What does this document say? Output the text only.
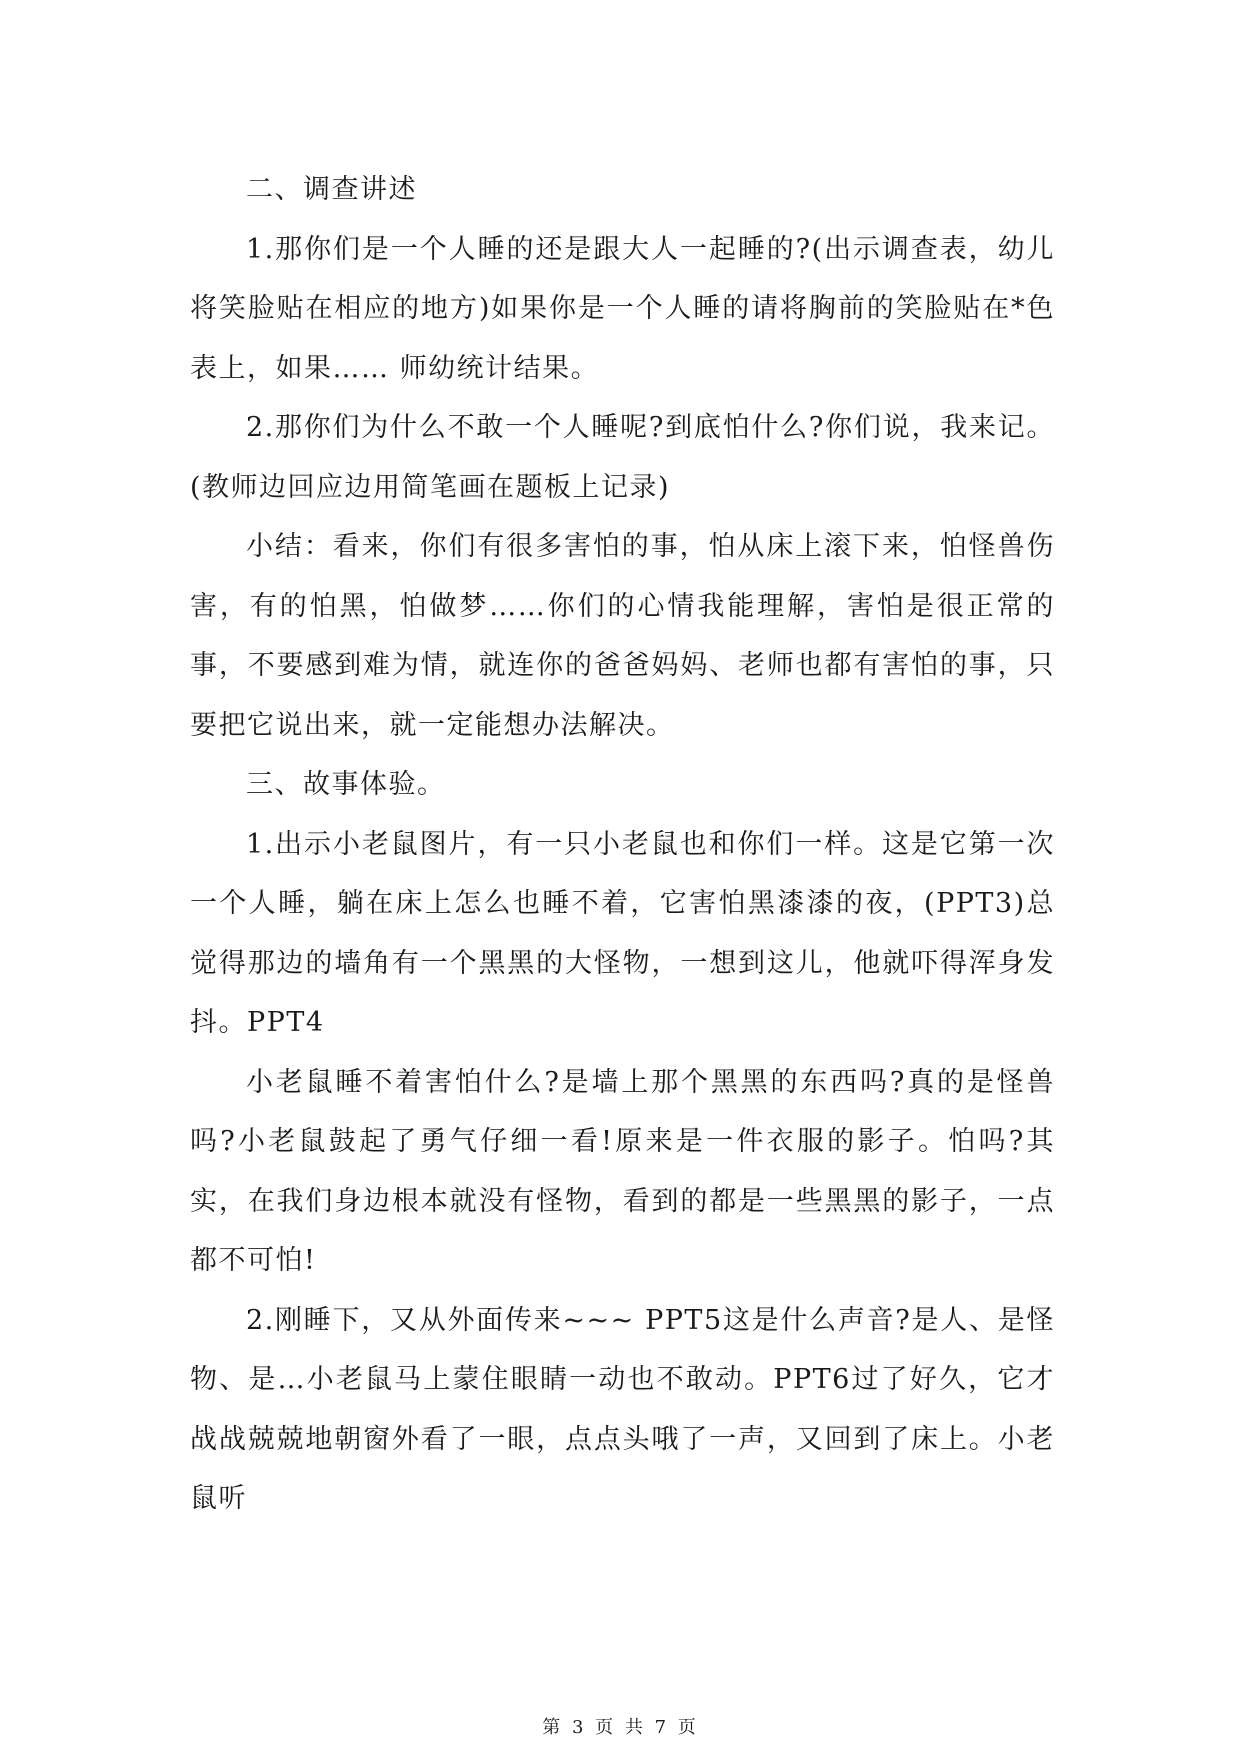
二、调查讲述

1.那你们是一个人睡的还是跟大人一起睡的?(出示调查表，幼儿将笑脸贴在相应的地方)如果你是一个人睡的请将胸前的笑脸贴在*色表上，如果…… 师幼统计结果。

2.那你们为什么不敢一个人睡呢?到底怕什么?你们说，我来记。(教师边回应边用简笔画在题板上记录)

小结：看来，你们有很多害怕的事，怕从床上滚下来，怕怪兽伤害，有的怕黑，怕做梦……你们的心情我能理解，害怕是很正常的事，不要感到难为情，就连你的爸爸妈妈、老师也都有害怕的事，只要把它说出来，就一定能想办法解决。

三、故事体验。

1.出示小老鼠图片，有一只小老鼠也和你们一样。这是它第一次一个人睡，躺在床上怎么也睡不着，它害怕黑漆漆的夜，(PPT3)总觉得那边的墙角有一个黑黑的大怪物，一想到这儿，他就吓得浑身发抖。PPT4

小老鼠睡不着害怕什么?是墙上那个黑黑的东西吗?真的是怪兽吗?小老鼠鼓起了勇气仔细一看!原来是一件衣服的影子。怕吗?其实，在我们身边根本就没有怪物，看到的都是一些黑黑的影子，一点都不可怕!

2.刚睡下，又从外面传来~~~ PPT5这是什么声音?是人、是怪物、是…小老鼠马上蒙住眼睛一动也不敢动。PPT6过了好久，它才战战兢兢地朝窗外看了一眼，点点头哦了一声，又回到了床上。小老鼠听

第 3 页 共 7 页
